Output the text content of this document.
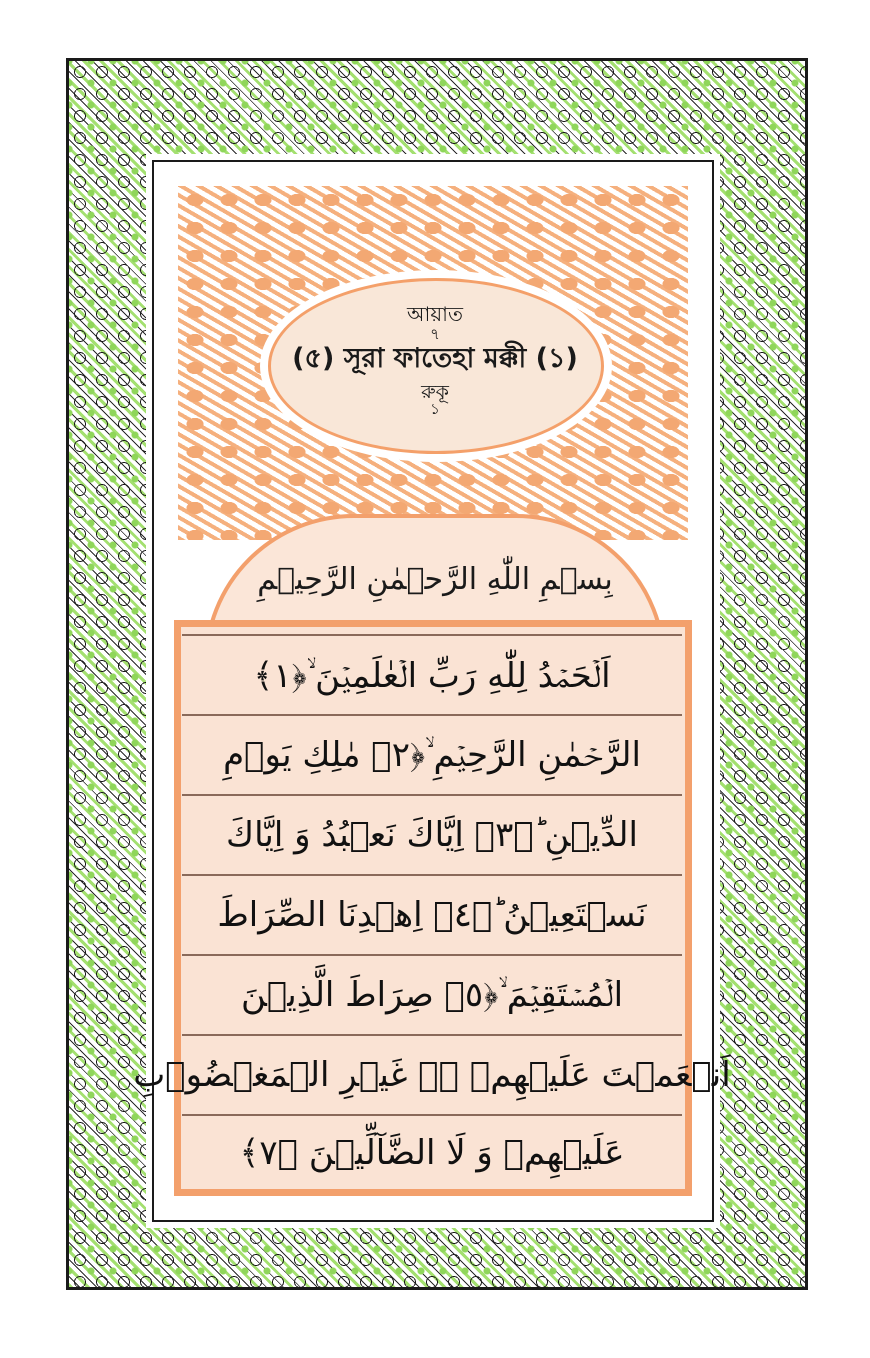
আয়াত
৭
(৫) সূরা ফাতেহা মক্কী (১)
রুকূ
১
بِسۡمِ اللّٰهِ الرَّحۡمٰنِ الرَّحِیۡمِ
اَلۡحَمۡدُ لِلّٰهِ رَبِّ الۡعٰلَمِیۡنَ ۙ﴿١﴾
الرَّحۡمٰنِ الرَّحِیۡمِ ۙ﴿٢﴾ مٰلِكِ یَوۡمِ
الدِّیۡنِ ؕ﴿٣﴾ اِیَّاكَ نَعۡبُدُ وَ اِیَّاكَ
نَسۡتَعِیۡنُ ؕ﴿٤﴾ اِهۡدِنَا الصِّرَاطَ
الۡمُسۡتَقِیۡمَ ۙ﴿٥﴾ صِرَاطَ الَّذِیۡنَ
اَنۡعَمۡتَ عَلَیۡهِمۡ ۬ۙ غَیۡرِ الۡمَغۡضُوۡبِ
عَلَیۡهِمۡ وَ لَا الضَّآلِّیۡنَ ﴿٧﴾
